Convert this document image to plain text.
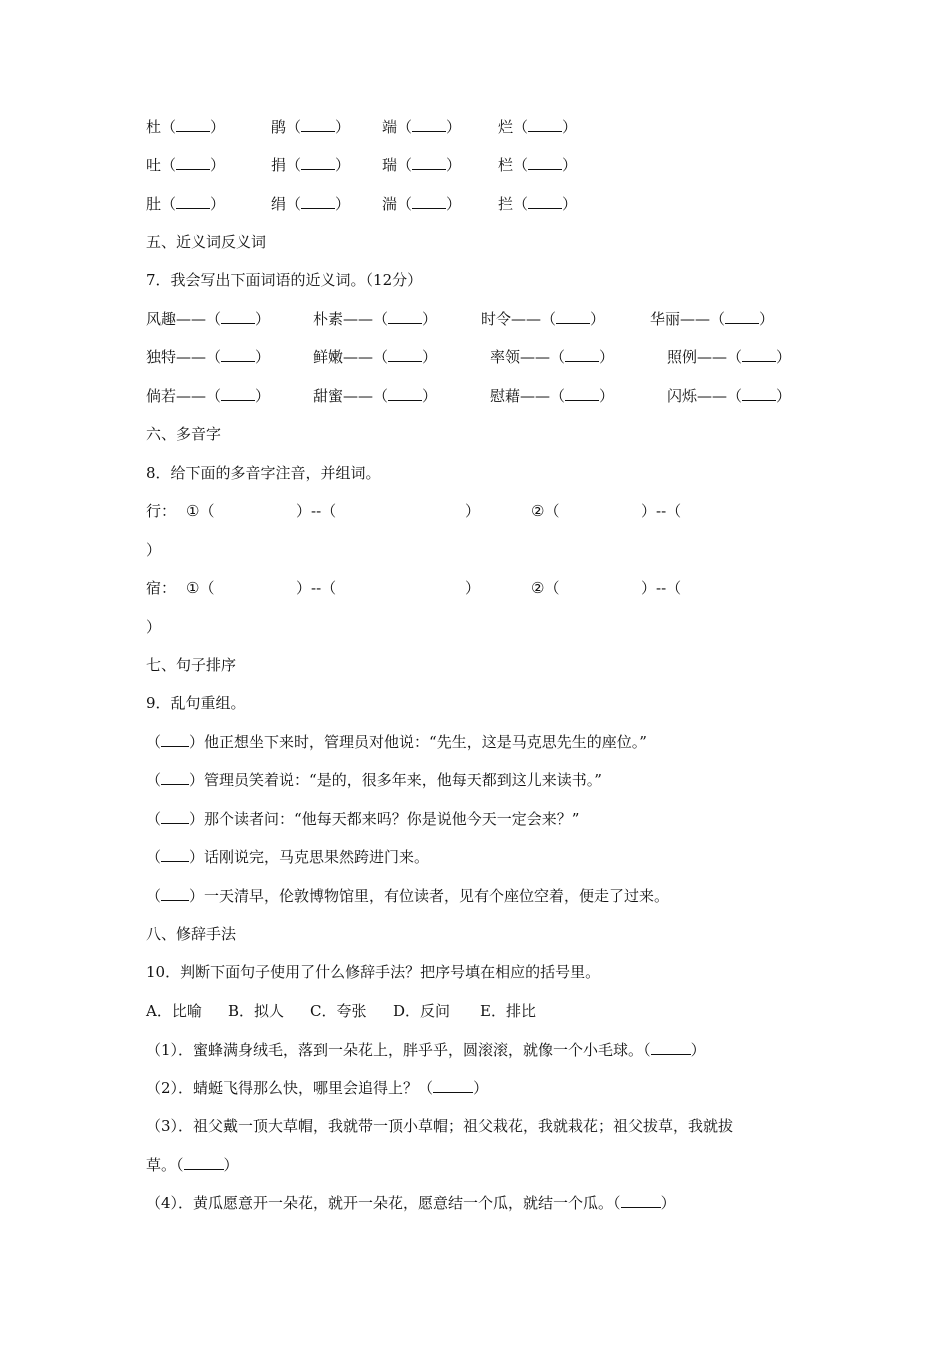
杜（ ）	鹃（ ） 端（ ） 烂（ ）
吐（ ）	捐（ ） 瑞（ ） 栏（ ）
肚（ ）	绢（ ） 湍（ ） 拦（ ）
五、近义词反义词
7．我会写出下面词语的近义词。（12分）
风趣——（ ）	朴素——（ ）	时令——（ ）	华丽——（ ）
独特——（ ）	鲜嫩——（ ）	率领——（ ）	照例——（ ）
倘若——（ ）	甜蜜——（ ）	慰藉——（ ）	闪烁——（ ）
六、多音字
8．给下面的多音字注音，并组词。
行： ①（	）--（	）	②（	）--（
）
宿： ①（	）--（	）	②（	）--（
）
七、句子排序
9．乱句重组。
（ ）他正想坐下来时，管理员对他说：“先生，这是马克思先生的座位。”
（ ）管理员笑着说：“是的，很多年来，他每天都到这儿来读书。”
（ ）那个读者问：“他每天都来吗？你是说他今天一定会来？”
（ ）话刚说完，马克思果然跨进门来。
（ ）一天清早，伦敦博物馆里，有位读者，见有个座位空着，便走了过来。
八、修辞手法
10．判断下面句子使用了什么修辞手法？把序号填在相应的括号里。
A．比喻 B．拟人 C．夸张 D．反问 E．排比
（1）．蜜蜂满身绒毛，落到一朵花上，胖乎乎，圆滚滚，就像一个小毛球。（	）
（2）．蜻蜓飞得那么快，哪里会追得上？（	）
（3）．祖父戴一顶大草帽，我就带一顶小草帽；祖父栽花，我就栽花；祖父拔草，我就拔
草。（	）
（4）．黄瓜愿意开一朵花，就开一朵花，愿意结一个瓜，就结一个瓜。（	）
